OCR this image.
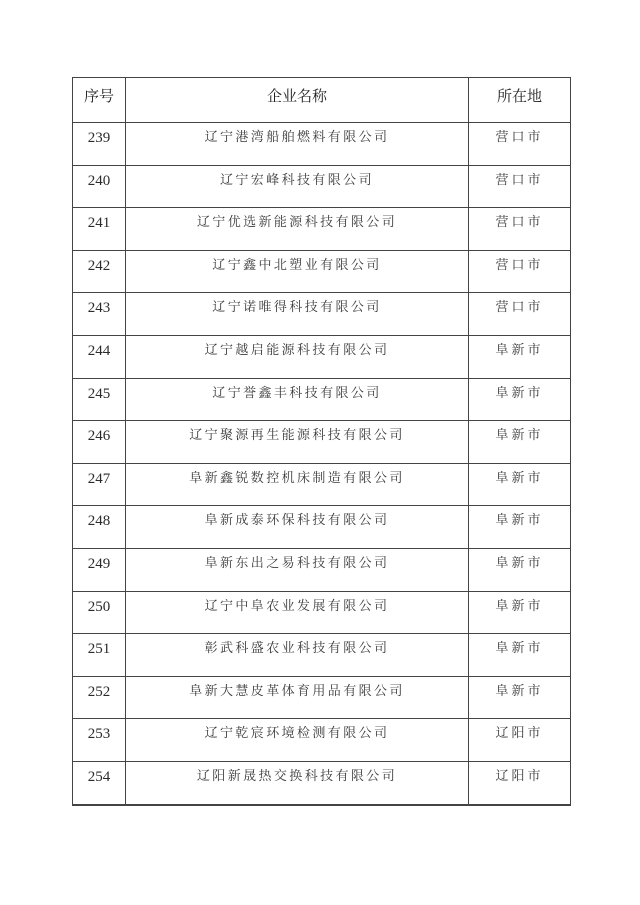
序号	企业名称	所在地
239	辽宁港湾船舶燃料有限公司	营口市
240	辽宁宏峰科技有限公司	营口市
241	辽宁优选新能源科技有限公司	营口市
242	辽宁鑫中北塑业有限公司	营口市
243	辽宁诺唯得科技有限公司	营口市
244	辽宁越启能源科技有限公司	阜新市
245	辽宁誉鑫丰科技有限公司	阜新市
246	辽宁聚源再生能源科技有限公司	阜新市
247	阜新鑫锐数控机床制造有限公司	阜新市
248	阜新成泰环保科技有限公司	阜新市
249	阜新东出之易科技有限公司	阜新市
250	辽宁中阜农业发展有限公司	阜新市
251	彰武科盛农业科技有限公司	阜新市
252	阜新大慧皮革体育用品有限公司	阜新市
253	辽宁乾宸环境检测有限公司	辽阳市
254	辽阳新晟热交换科技有限公司	辽阳市
